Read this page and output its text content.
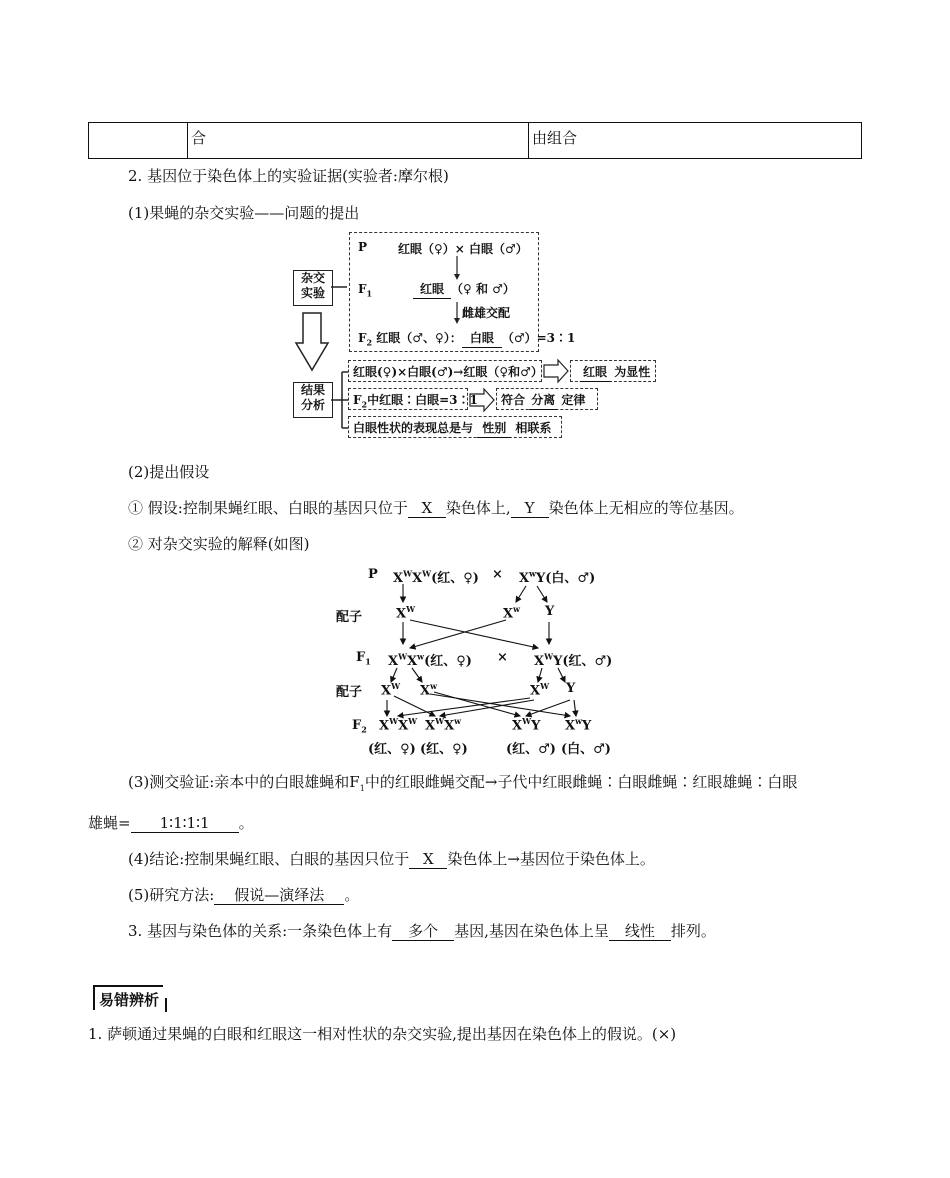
	合	由组合
2. 基因位于染色体上的实验证据(实验者:摩尔根)
(1)果蝇的杂交实验——问题的提出
杂交
实验
结果
分析
P	红眼（♀）× 白眼（♂）
$F_1$	红眼 （♀ 和 ♂）
雌雄交配
$F_2$ 红眼（♂、♀）： 白眼 （♂）=3∶1
红眼(♀)×白眼(♂)→红眼（♀和♂）	红眼 为显性
$F_2$中红眼∶白眼=3∶1 符合 分离 定律
白眼性状的表现总是与 性别 相联系
(2)提出假设
① 假设:控制果蝇红眼、白眼的基因只位于 X 染色体上, Y 染色体上无相应的等位基因。
② 对杂交实验的解释(如图)
P $X^WX^W$(红、♀) × $X^wY$(白、♂)
配子	$X^W$	$X^w$ Y
$F_1$ $X^WX^w$(红、♀) × $X^WY$(红、♂)
配子 $X^W$ $X^w$	$X^W$ Y
$F_2$ $X^WX^W$ $X^WX^w$	$X^WY$ $X^wY$
(红、♀) (红、♀)	(红、♂) (白、♂)
(3)测交验证:亲本中的白眼雄蝇和$F_1$中的红眼雌蝇交配→子代中红眼雌蝇∶白眼雌蝇∶红眼雄蝇∶白眼
雄蝇= 1∶1∶1∶1 。
(4)结论:控制果蝇红眼、白眼的基因只位于 X 染色体上→基因位于染色体上。
(5)研究方法: 假说—演绎法 。
3. 基因与染色体的关系:一条染色体上有 多个 基因,基因在染色体上呈 线性 排列。
易错辨析
1. 萨顿通过果蝇的白眼和红眼这一相对性状的杂交实验,提出基因在染色体上的假说。(×)
